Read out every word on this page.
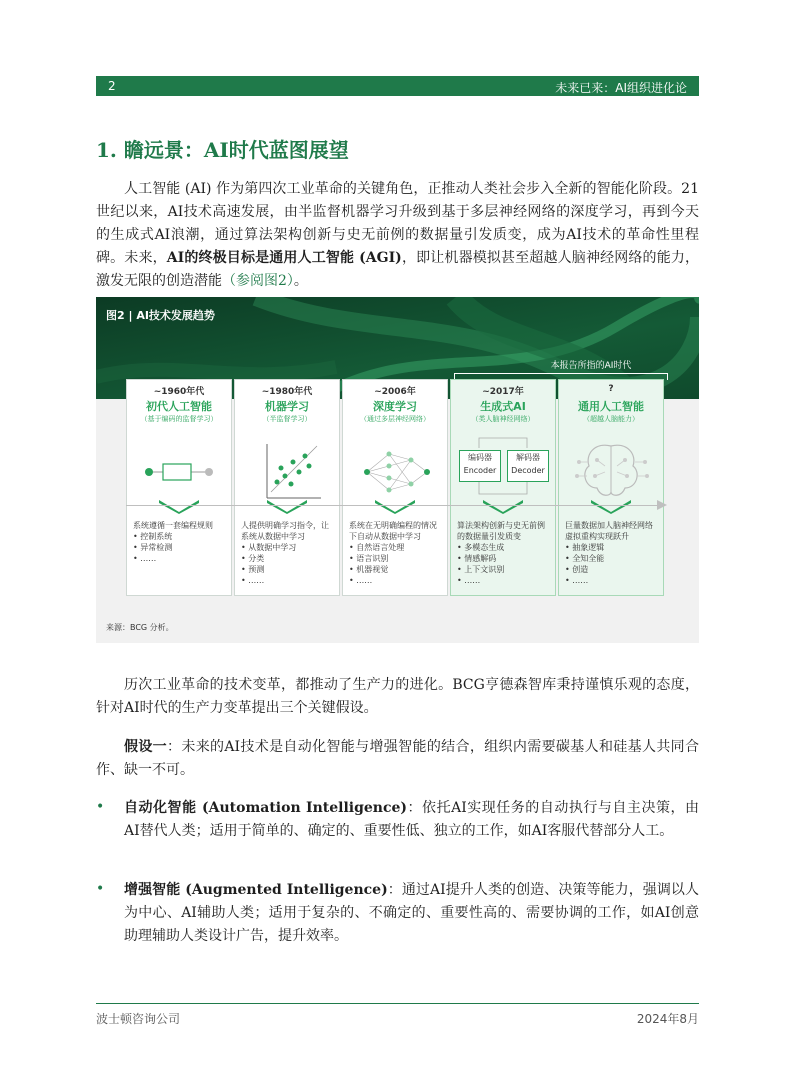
2	未来已来：AI组织进化论
1. 瞻远景：AI时代蓝图展望
人工智能 (AI) 作为第四次工业革命的关键角色，正推动人类社会步入全新的智能化阶段。21世纪以来，AI技术高速发展，由半监督机器学习升级到基于多层神经网络的深度学习，再到今天的生成式AI浪潮，通过算法架构创新与史无前例的数据量引发质变，成为AI技术的革命性里程碑。未来，AI的终极目标是通用人工智能 (AGI)，即让机器模拟甚至超越人脑神经网络的能力，激发无限的创造潜能（参阅图2）。
图2 | AI技术发展趋势
本报告所指的AI时代
~1960年代
初代人工智能
（基于编码的监督学习）
系统遵循一套编程规则
• 控制系统
• 异常检测
• ……
~1980年代
机器学习
（半监督学习）
人提供明确学习指令，让系统从数据中学习
• 从数据中学习
• 分类
• 预测
• ……
~2006年
深度学习
（通过多层神经网络）
系统在无明确编程的情况下自动从数据中学习
• 自然语言处理
• 语言识别
• 机器视觉
• ……
~2017年
生成式AI
（类人脑神经网络）
编码器
Encoder
解码器
Decoder
算法架构创新与史无前例的数据量引发质变
• 多模态生成
• 情感解码
• 上下文识别
• ……
?
通用人工智能
（超越人脑能力）
巨量数据加人脑神经网络虚拟重构实现跃升
• 抽象逻辑
• 全知全能
• 创造
• ……
来源：BCG 分析。
历次工业革命的技术变革，都推动了生产力的进化。BCG亨德森智库秉持谨慎乐观的态度，针对AI时代的生产力变革提出三个关键假设。
假设一：未来的AI技术是自动化智能与增强智能的结合，组织内需要碳基人和硅基人共同合作、缺一不可。
• 自动化智能 (Automation Intelligence)：依托AI实现任务的自动执行与自主决策，由AI替代人类；适用于简单的、确定的、重要性低、独立的工作，如AI客服代替部分人工。
• 增强智能 (Augmented Intelligence)：通过AI提升人类的创造、决策等能力，强调以人为中心、AI辅助人类；适用于复杂的、不确定的、重要性高的、需要协调的工作，如AI创意助理辅助人类设计广告，提升效率。
波士顿咨询公司	2024年8月
